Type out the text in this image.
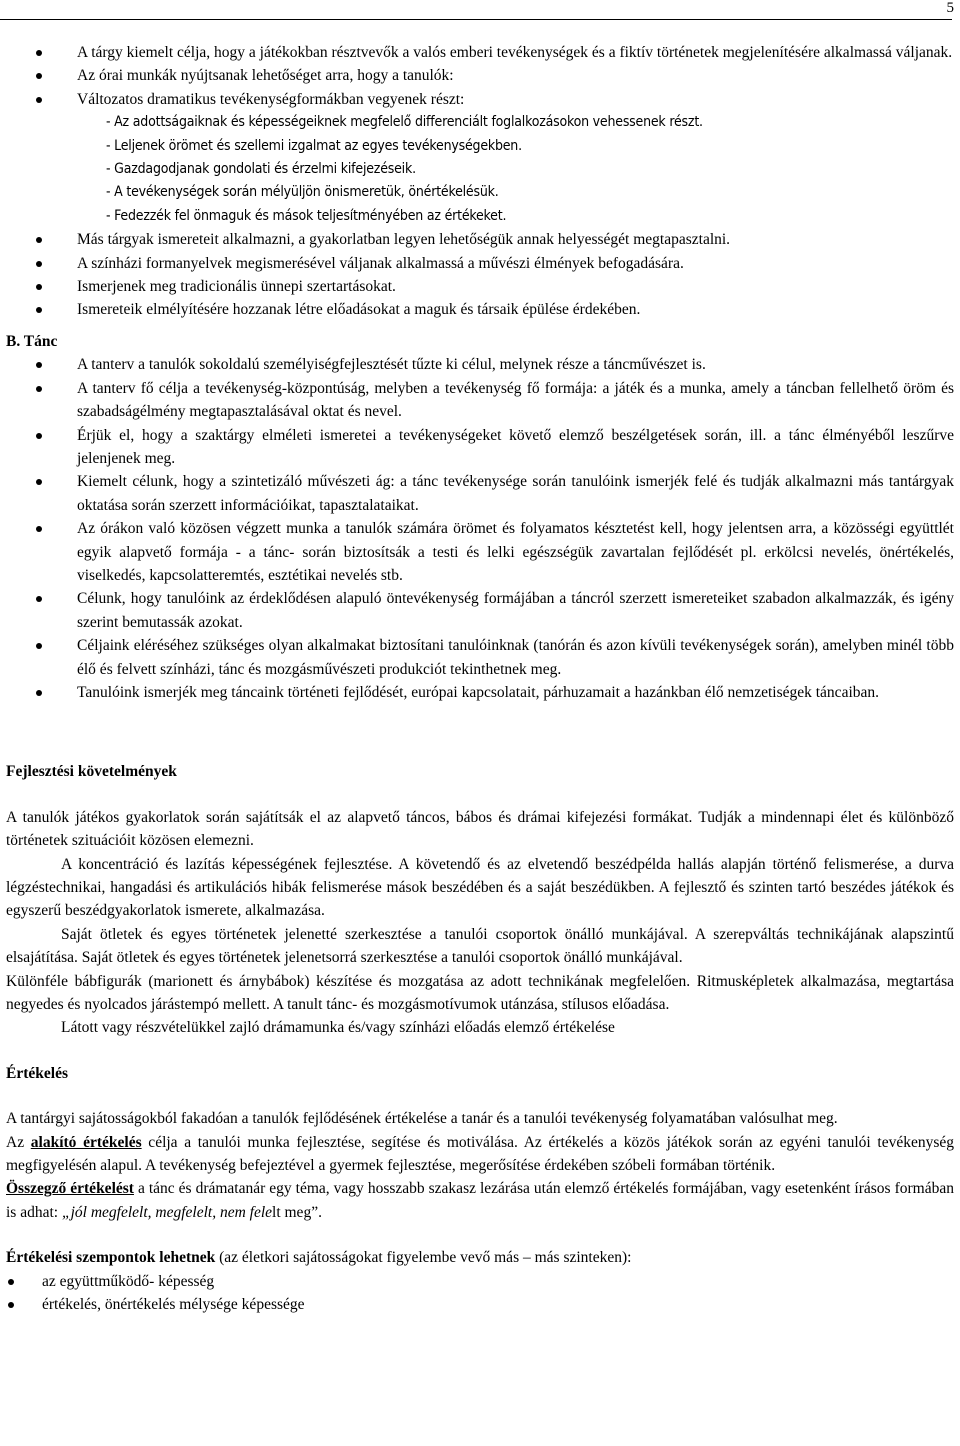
5
A tárgy kiemelt célja, hogy a játékokban résztvevők a valós emberi tevékenységek és a fiktív történetek megjelenítésére alkalmassá váljanak.
Az órai munkák nyújtsanak lehetőséget arra, hogy a tanulók:
Változatos dramatikus tevékenységformákban vegyenek részt:
- Az adottságaiknak és képességeiknek megfelelő differenciált foglalkozásokon vehessenek részt.
- Leljenek örömet és szellemi izgalmat az egyes tevékenységekben.
- Gazdagodjanak gondolati és érzelmi kifejezéseik.
- A tevékenységek során mélyüljön önismeretük, önértékelésük.
- Fedezzék fel önmaguk és mások teljesítményében az értékeket.
Más tárgyak ismereteit alkalmazni, a gyakorlatban legyen lehetőségük annak helyességét megtapasztalni.
A színházi formanyelvek megismerésével váljanak alkalmassá a művészi élmények befogadására.
Ismerjenek meg tradicionális ünnepi szertartásokat.
Ismereteik elmélyítésére hozzanak létre előadásokat a maguk és társaik épülése érdekében.
B. Tánc
A tanterv a tanulók sokoldalú személyiségfejlesztését tűzte ki célul, melynek része a táncművészet is.
A tanterv fő célja a tevékenység-központúság, melyben a tevékenység fő formája: a játék és a munka, amely a táncban fellelhető öröm és szabadságélmény megtapasztalásával oktat és nevel.
Érjük el, hogy a szaktárgy elméleti ismeretei a tevékenységeket követő elemző beszélgetések során, ill. a tánc élményéből leszűrve jelenjenek meg.
Kiemelt célunk, hogy a szintetizáló művészeti ág: a tánc tevékenysége során tanulóink ismerjék felé és tudják alkalmazni más tantárgyak oktatása során szerzett információikat, tapasztalataikat.
Az órákon való közösen végzett munka a tanulók számára örömet és folyamatos késztetést kell, hogy jelentsen arra, a közösségi együttlét egyik alapvető formája - a tánc- során biztosítsák a testi és lelki egészségük zavartalan fejlődését pl. erkölcsi nevelés, önértékelés, viselkedés, kapcsolatteremtés, esztétikai nevelés stb.
Célunk, hogy tanulóink az érdeklődésen alapuló öntevékenység formájában a táncról szerzett ismereteiket szabadon alkalmazzák, és igény szerint bemutassák azokat.
Céljaink eléréséhez szükséges olyan alkalmakat biztosítani tanulóinknak (tanórán és azon kívüli tevékenységek során), amelyben minél több élő és felvett színházi, tánc és mozgásművészeti produkciót tekinthetnek meg.
Tanulóink ismerjék meg táncaink történeti fejlődését, európai kapcsolatait, párhuzamait a hazánkban élő nemzetiségek táncaiban.
Fejlesztési követelmények

A tanulók játékos gyakorlatok során sajátítsák el az alapvető táncos, bábos és drámai kifejezési formákat. Tudják a mindennapi élet és különböző történetek szituációit közösen elemezni.

A koncentráció és lazítás képességének fejlesztése. A követendő és az elvetendő beszédpélda hallás alapján történő felismerése, a durva légzéstechnikai, hangadási és artikulációs hibák felismerése mások beszédében és a saját beszédükben. A fejlesztő és szinten tartó beszédes játékok és egyszerű beszédgyakorlatok ismerete, alkalmazása.

Saját ötletek és egyes történetek jelenetté szerkesztése a tanulói csoportok önálló munkájával. A szerepváltás technikájának alapszintű elsajátítása. Saját ötletek és egyes történetek jelenetsorrá szerkesztése a tanulói csoportok önálló munkájával.

Különféle bábfigurák (marionett és árnybábok) készítése és mozgatása az adott technikának megfelelően. Ritmusképletek alkalmazása, megtartása negyedes és nyolcados járástempó mellett. A tanult tánc- és mozgásmotívumok utánzása, stílusos előadása.

Látott vagy részvételükkel zajló drámamunka és/vagy színházi előadás elemző értékelése

Értékelés

A tantárgyi sajátosságokból fakadóan a tanulók fejlődésének értékelése a tanár és a tanulói tevékenység folyamatában valósulhat meg.

Az alakító értékelés célja a tanulói munka fejlesztése, segítése és motiválása. Az értékelés a közös játékok során az egyéni tanulói tevékenység megfigyelésén alapul. A tevékenység befejeztével a gyermek fejlesztése, megerősítése érdekében szóbeli formában történik.

Összegző értékelést a tánc és drámatanár egy téma, vagy hosszabb szakasz lezárása után elemző értékelés formájában, vagy esetenként írásos formában is adhat: „jól megfelelt, megfelelt, nem felelt meg”.

Értékelési szempontok lehetnek (az életkori sajátosságokat figyelembe vevő más – más szinteken):

az együttműködő- képesség
értékelés, önértékelés mélysége képessége
